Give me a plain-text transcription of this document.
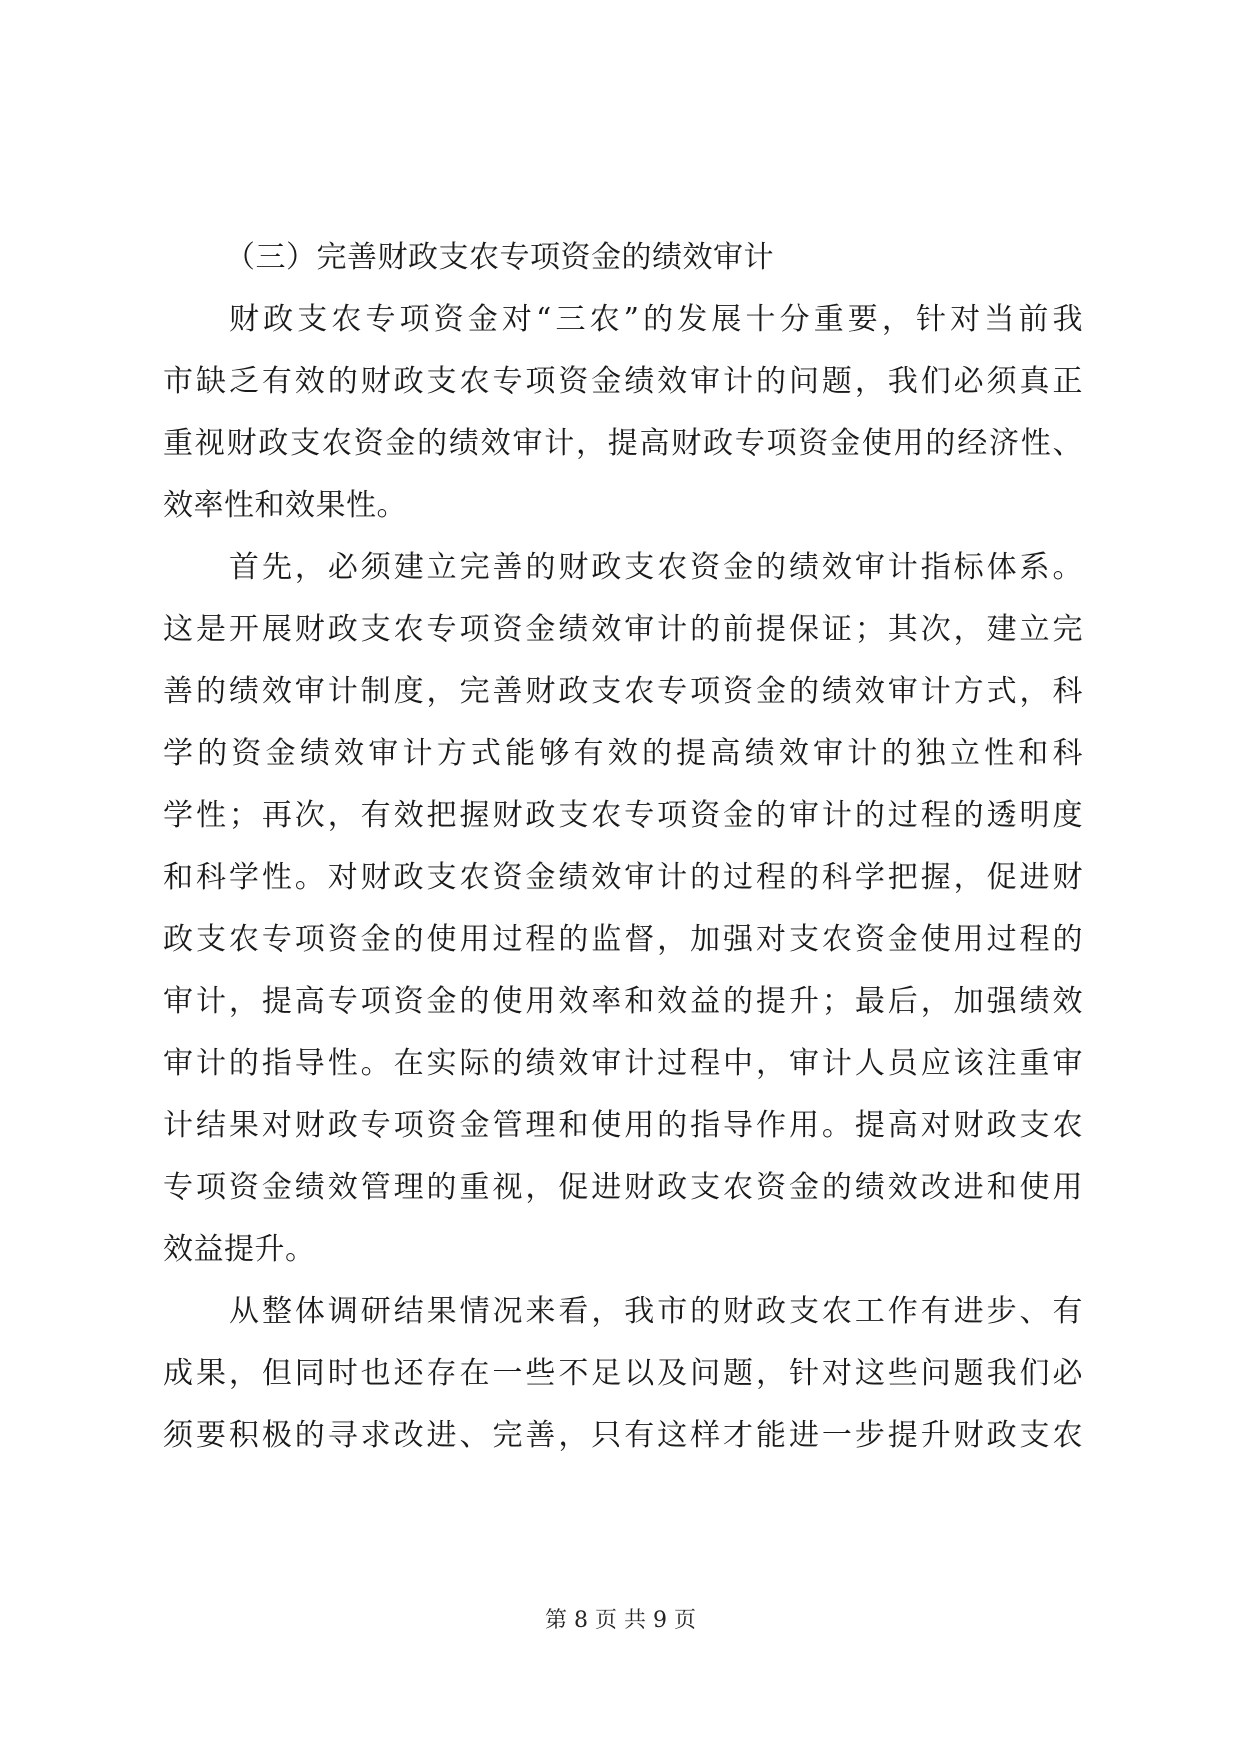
（三）完善财政支农专项资金的绩效审计
财政支农专项资金对“三农”的发展十分重要，针对当前我
市缺乏有效的财政支农专项资金绩效审计的问题，我们必须真正
重视财政支农资金的绩效审计，提高财政专项资金使用的经济性、
效率性和效果性。
首先，必须建立完善的财政支农资金的绩效审计指标体系。
这是开展财政支农专项资金绩效审计的前提保证；其次，建立完
善的绩效审计制度，完善财政支农专项资金的绩效审计方式，科
学的资金绩效审计方式能够有效的提高绩效审计的独立性和科
学性；再次，有效把握财政支农专项资金的审计的过程的透明度
和科学性。对财政支农资金绩效审计的过程的科学把握，促进财
政支农专项资金的使用过程的监督，加强对支农资金使用过程的
审计，提高专项资金的使用效率和效益的提升；最后，加强绩效
审计的指导性。在实际的绩效审计过程中，审计人员应该注重审
计结果对财政专项资金管理和使用的指导作用。提高对财政支农
专项资金绩效管理的重视，促进财政支农资金的绩效改进和使用
效益提升。
从整体调研结果情况来看，我市的财政支农工作有进步、有
成果，但同时也还存在一些不足以及问题，针对这些问题我们必
须要积极的寻求改进、完善，只有这样才能进一步提升财政支农
第 8 页 共 9 页
